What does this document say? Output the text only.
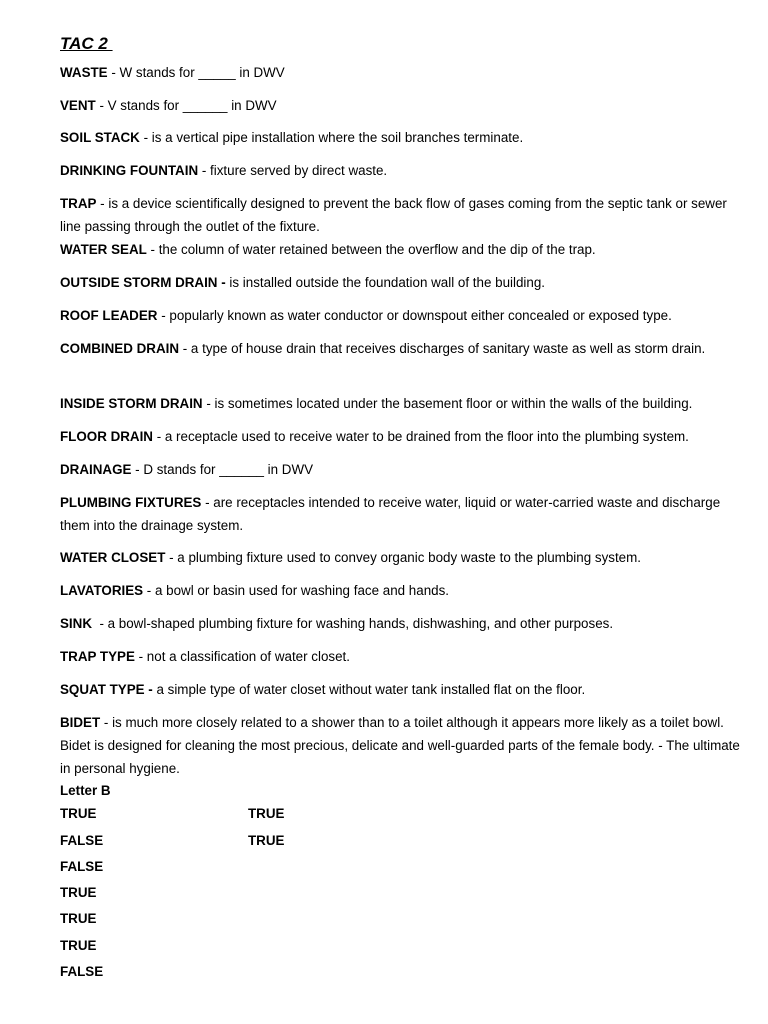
TAC 2
WASTE - W stands for _____ in DWV
VENT - V stands for ______ in DWV
SOIL STACK - is a vertical pipe installation where the soil branches terminate.
DRINKING FOUNTAIN - fixture served by direct waste.
TRAP - is a device scientifically designed to prevent the back flow of gases coming from the septic tank or sewer line passing through the outlet of the fixture.
WATER SEAL - the column of water retained between the overflow and the dip of the trap.
OUTSIDE STORM DRAIN - is installed outside the foundation wall of the building.
ROOF LEADER - popularly known as water conductor or downspout either concealed or exposed type.
COMBINED DRAIN - a type of house drain that receives discharges of sanitary waste as well as storm drain.
INSIDE STORM DRAIN - is sometimes located under the basement floor or within the walls of the building.
FLOOR DRAIN - a receptacle used to receive water to be drained from the floor into the plumbing system.
DRAINAGE - D stands for ______ in DWV
PLUMBING FIXTURES - are receptacles intended to receive water, liquid or water-carried waste and discharge them into the drainage system.
WATER CLOSET - a plumbing fixture used to convey organic body waste to the plumbing system.
LAVATORIES - a bowl or basin used for washing face and hands.
SINK  - a bowl-shaped plumbing fixture for washing hands, dishwashing, and other purposes.
TRAP TYPE - not a classification of water closet.
SQUAT TYPE - a simple type of water closet without water tank installed flat on the floor.
BIDET - is much more closely related to a shower than to a toilet although it appears more likely as a toilet bowl. Bidet is designed for cleaning the most precious, delicate and well-guarded parts of the female body. - The ultimate in personal hygiene.
Letter B
TRUE
FALSE
FALSE
TRUE
TRUE
TRUE
FALSE
TRUE
TRUE
